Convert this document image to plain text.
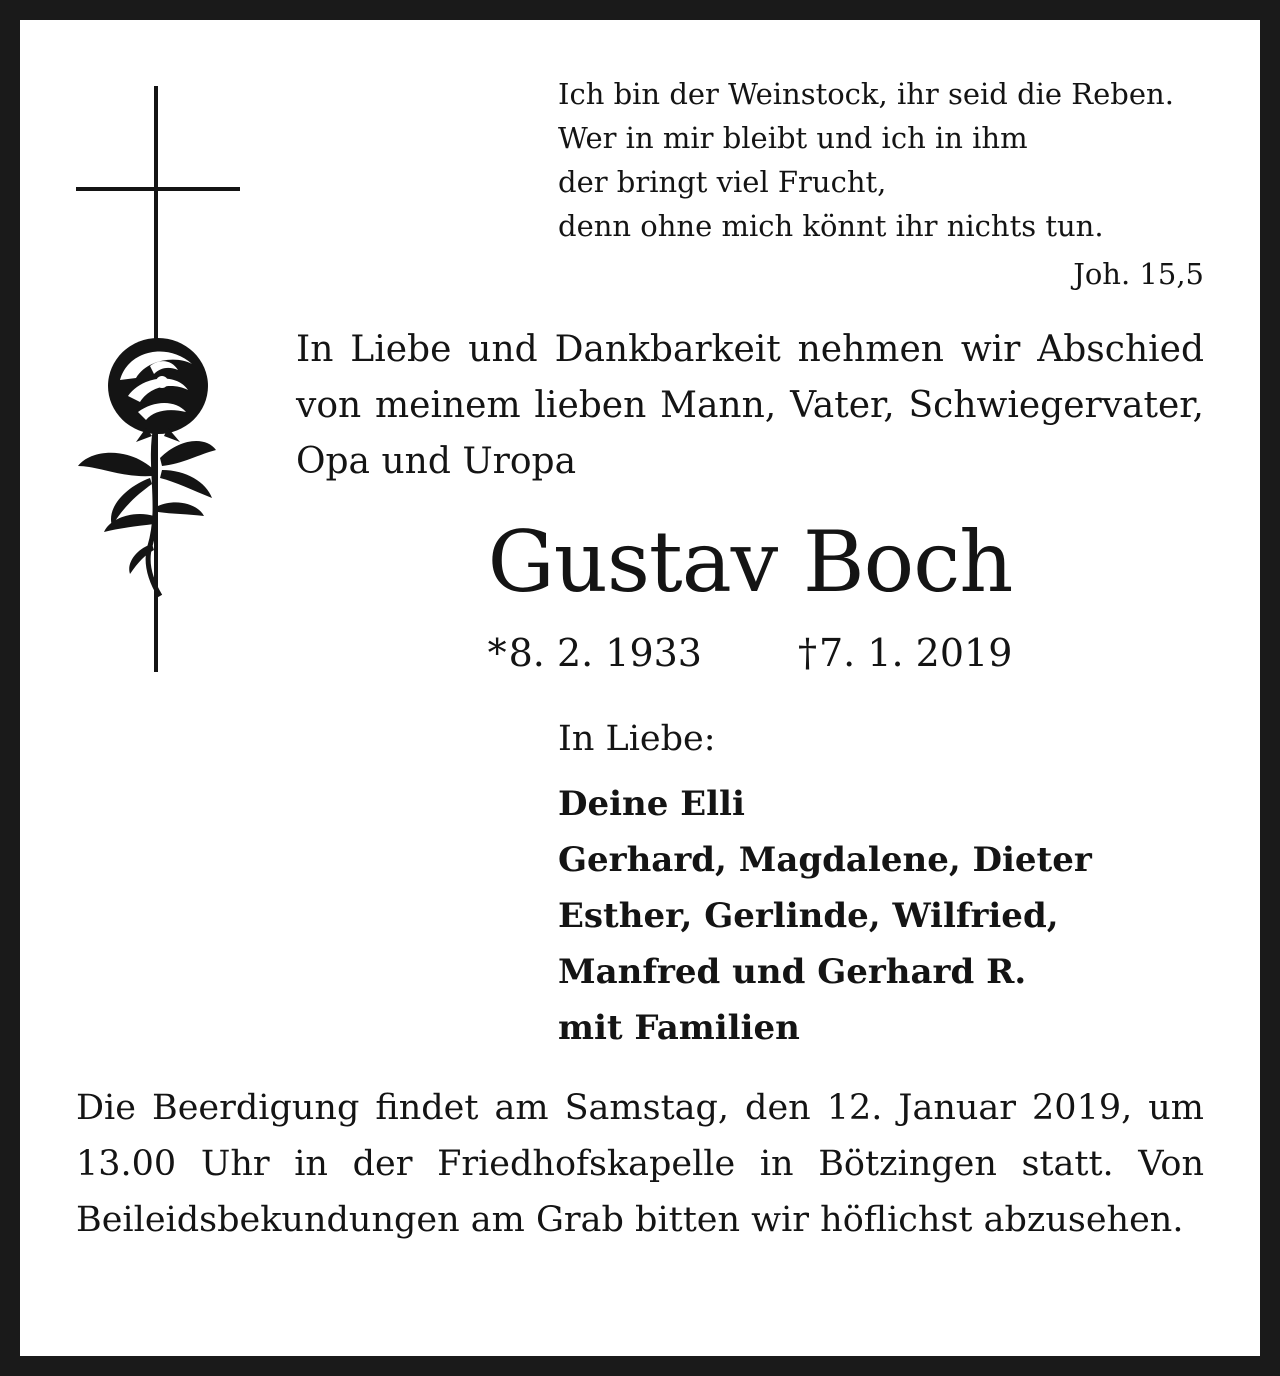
Ich bin der Weinstock, ihr seid die Reben.
Wer in mir bleibt und ich in ihm
der bringt viel Frucht,
denn ohne mich könnt ihr nichts tun.
Joh. 15,5
In Liebe und Dankbarkeit nehmen wir Abschied von meinem lieben Mann, Vater, Schwiegervater, Opa und Uropa
Gustav Boch
*8. 2. 1933	†7. 1. 2019
In Liebe:
Deine Elli
Gerhard, Magdalene, Dieter
Esther, Gerlinde, Wilfried,
Manfred und Gerhard R.
mit Familien
Die Beerdigung findet am Samstag, den 12. Januar 2019, um 13.00 Uhr in der Friedhofskapelle in Bötzingen statt. Von Beileidsbekundungen am Grab bitten wir höflichst abzusehen.
